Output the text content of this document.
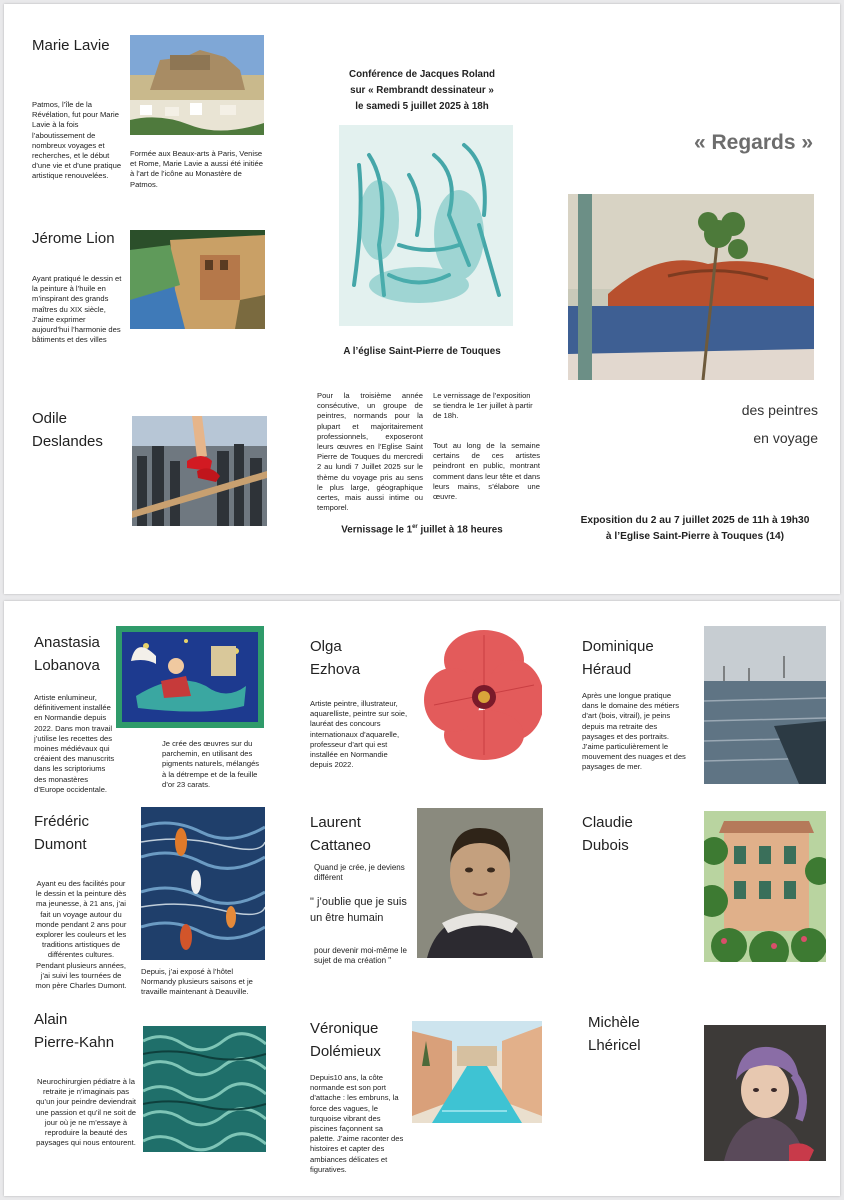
Marie Lavie
Patmos, l’île de la Révélation, fut pour Marie Lavie à la fois l’aboutissement de nombreux voyages et recherches, et le début d’une vie et d’une pratique artistique renouvelées.
Formée aux Beaux-arts à Paris, Venise et Rome, Marie Lavie a aussi été initiée à l’art de l’icône au Monastère de Patmos.
Jérome Lion
Ayant pratiqué le dessin et la peinture à l’huile en m’inspirant des grands maîtres du XIX siècle, J’aime exprimer aujourd’hui l’harmonie des bâtiments et des villes
Odile
Deslandes
Conférence de Jacques Roland
sur « Rembrandt dessinateur »
le samedi 5 juillet 2025 à 18h
A l’église Saint-Pierre de Touques
Pour la troisième année consécutive, un groupe de peintres, normands pour la plupart et majoritairement professionnels, exposeront leurs œuvres en l’Eglise Saint Pierre de Touques du mercredi 2 au lundi 7 Juillet 2025 sur le thème du voyage pris au sens le plus large, géographique certes, mais aussi intime ou temporel.
Le vernissage de l’exposition se tiendra le 1er juillet à partir de 18h.
Tout au long de la semaine certains de ces artistes peindront en public, montrant comment dans leur tête et dans leurs mains, s’élabore une œuvre.
Vernissage le 1er juillet à 18 heures
« Regards »
des peintres
en voyage
Exposition du 2 au 7 juillet 2025 de 11h à 19h30
à l’Eglise Saint-Pierre à Touques (14)
Anastasia
Lobanova
Artiste enlumineur, définitivement installée en Normandie depuis 2022. Dans mon travail j’utilise les recettes des moines médiévaux qui créaient des manuscrits dans les scriptoriums des monastères d’Europe occidentale.
Je crée des œuvres sur du parchemin, en utilisant des pigments naturels, mélangés à la détrempe et de la feuille d’or 23 carats.
Frédéric
Dumont
Ayant eu des facilités pour le dessin et la peinture dès ma jeunesse, à 21 ans, j’ai fait un voyage autour du monde pendant 2 ans pour explorer les couleurs et les traditions artistiques de différentes cultures. Pendant plusieurs années, j’ai suivi les tournées de mon père Charles Dumont.
Depuis, j’ai exposé à l’hôtel Normandy plusieurs saisons et je travaille maintenant à Deauville.
Alain
Pierre-Kahn
Neurochirurgien pédiatre à la retraite je n’imaginais pas qu’un jour peindre deviendrait une passion et qu’il ne soit de jour où je ne m’essaye à reproduire la beauté des paysages qui nous entourent.
Olga
Ezhova
Artiste peintre, illustrateur, aquarelliste, peintre sur soie, lauréat des concours internationaux d’aquarelle, professeur d’art qui est installée en Normandie depuis 2022.
Laurent
Cattaneo
Quand je crée, je deviens différent
" j’oublie que je suis un être humain
pour devenir moi-même le sujet de ma création "
Véronique
Dolémieux
Depuis10 ans, la côte normande est son port d’attache : les embruns, la force des vagues, le turquoise vibrant des piscines façonnent sa palette. J’aime raconter des histoires et capter des ambiances délicates et figuratives.
Dominique
Héraud
Après une longue pratique dans le domaine des métiers d’art (bois, vitrail), je peins depuis ma retraite des paysages et des portraits. J’aime particulièrement le mouvement des nuages et des paysages de mer.
Claudie
Dubois
Michèle
Lhéricel
